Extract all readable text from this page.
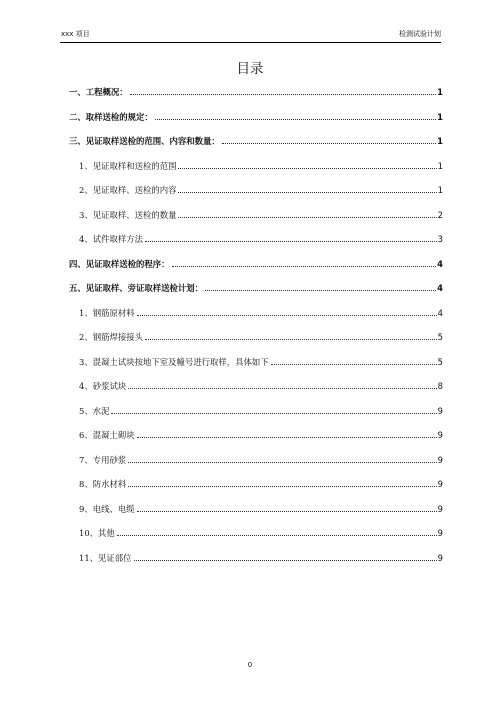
xxx 项目	检测试验计划
目录
一、工程概况：	1
二、取样送检的规定：	1
三、见证取样送检的范围、内容和数量：	1
1、见证取样和送检的范围	1
2、见证取样、送检的内容	1
3、见证取样、送检的数量	2
4、试件取样方法	3
四、见证取样送检的程序：	4
五、见证取样、旁证取样送检计划：	4
1、钢筋原材料	4
2、钢筋焊接接头	5
3、混凝土试块按地下室及幢号进行取样，具体如下	5
4、砂浆试块	8
5、水泥	9
6、混凝土砌块	9
7、专用砂浆	9
8、防水材料	9
9、电线、电缆	9
10、其他	9
11、见证部位	9
0
